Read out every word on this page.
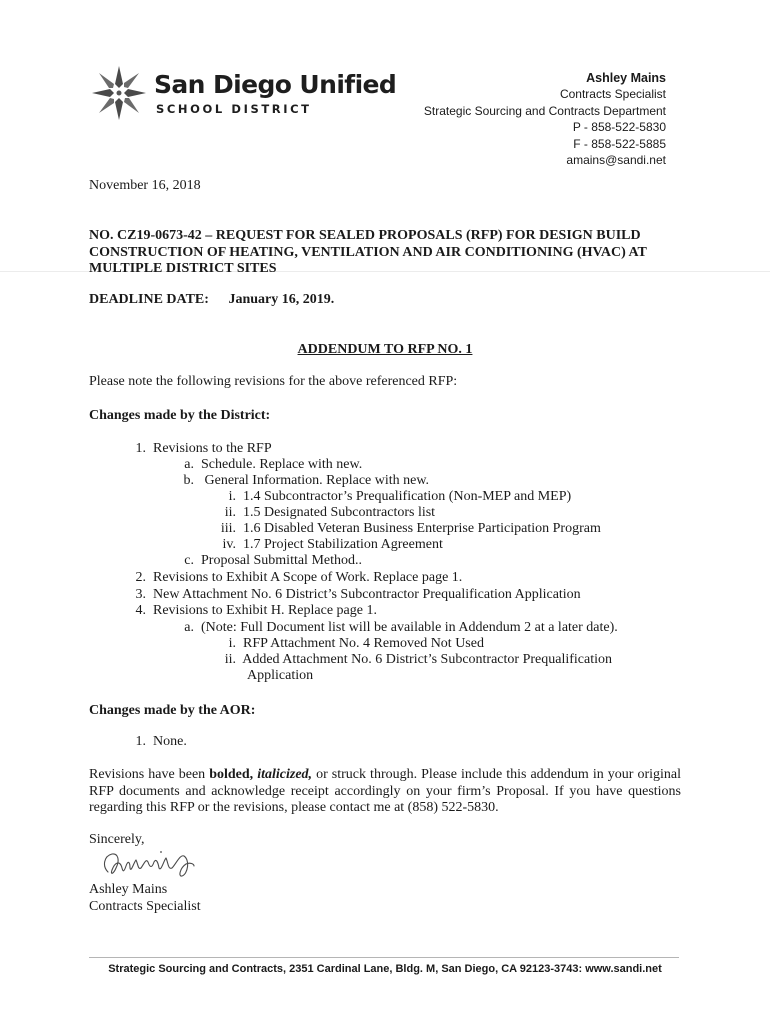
San Diego Unified
SCHOOL DISTRICT
Ashley Mains
Contracts Specialist
Strategic Sourcing and Contracts Department
P - 858-522-5830
F - 858-522-5885
amains@sandi.net
November 16, 2018
NO. CZ19-0673-42 – REQUEST FOR SEALED PROPOSALS (RFP) FOR DESIGN BUILD CONSTRUCTION OF HEATING, VENTILATION AND AIR CONDITIONING (HVAC) AT MULTIPLE DISTRICT SITES
DEADLINE DATE: January 16, 2019.
ADDENDUM TO RFP NO. 1
Please note the following revisions for the above referenced RFP:
Changes made by the District:
1. Revisions to the RFP
a. Schedule. Replace with new.
b. General Information. Replace with new.
i. 1.4 Subcontractor’s Prequalification (Non-MEP and MEP)
ii. 1.5 Designated Subcontractors list
iii. 1.6 Disabled Veteran Business Enterprise Participation Program
iv. 1.7 Project Stabilization Agreement
c. Proposal Submittal Method..
2. Revisions to Exhibit A Scope of Work. Replace page 1.
3. New Attachment No. 6 District’s Subcontractor Prequalification Application
4. Revisions to Exhibit H. Replace page 1.
a. (Note: Full Document list will be available in Addendum 2 at a later date).
i. RFP Attachment No. 4 Removed Not Used
ii. Added Attachment No. 6 District’s Subcontractor Prequalification
Application
Changes made by the AOR:
1. None.
Revisions have been bolded, italicized, or struck through. Please include this addendum in your original RFP documents and acknowledge receipt accordingly on your firm’s Proposal. If you have questions regarding this RFP or the revisions, please contact me at (858) 522-5830.
Sincerely,
Ashley Mains
Contracts Specialist
Strategic Sourcing and Contracts, 2351 Cardinal Lane, Bldg. M, San Diego, CA 92123-3743: www.sandi.net
